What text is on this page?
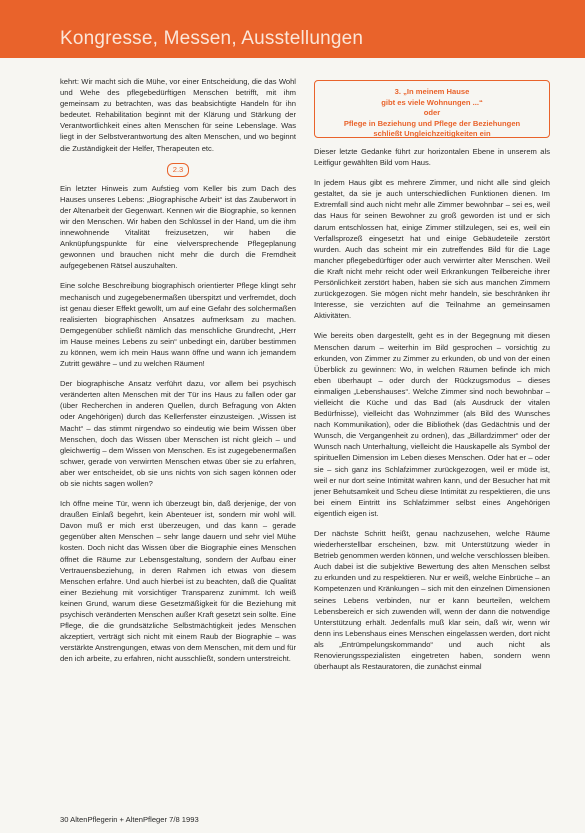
Kongresse, Messen, Ausstellungen

kehrt: Wir macht sich die Mühe, vor einer Entscheidung, die das Wohl und Wehe des pflegebedürftigen Menschen betrifft, mit ihm gemeinsam zu betrachten, was das beabsichtigte Handeln für ihn bedeutet. Rehabilitation beginnt mit der Klärung und Stärkung der Verantwortlichkeit eines alten Menschen für seine Lebenslage. Was liegt in der Selbstverantwortung des alten Menschen, und wo beginnt die Zuständigkeit der Helfer, Therapeuten etc.

2.3

Ein letzter Hinweis zum Aufstieg vom Keller bis zum Dach des Hauses unseres Lebens: „Biographische Arbeit“ ist das Zauberwort in der Altenarbeit der Gegenwart. Kennen wir die Biographie, so kennen wir den Menschen. Wir haben den Schlüssel in der Hand, um die ihm innewohnende Vitalität freizusetzen, wir haben die Anknüpfungspunkte für eine vielversprechende Pflegeplanung gewonnen und brauchen nicht mehr die durch die Fremdheit aufgegebenen Rätsel auszuhalten.

Eine solche Beschreibung biographisch orientierter Pflege klingt sehr mechanisch und zugegebenermaßen überspitzt und verfremdet, doch ist genau dieser Effekt gewollt, um auf eine Gefahr des solchermaßen realisierten biographischen Ansatzes aufmerksam zu machen. Demgegenüber schließt nämlich das menschliche Grundrecht, „Herr im Hause meines Lebens zu sein“ unbedingt ein, darüber bestimmen zu können, wem ich mein Haus wann öffne und wann ich jemandem Zutritt gewähre – und zu welchen Räumen!

Der biographische Ansatz verführt dazu, vor allem bei psychisch veränderten alten Menschen mit der Tür ins Haus zu fallen oder gar (über Recherchen in anderen Quellen, durch Befragung von Akten oder Angehörigen) durch das Kellerfenster einzusteigen. „Wissen ist Macht“ – das stimmt nirgendwo so eindeutig wie beim Wissen über Menschen, doch das Wissen über Menschen ist nicht gleich – und gleichwertig – dem Wissen von Menschen. Es ist zugegebenermaßen schwer, gerade von verwirrten Menschen etwas über sie zu erfahren, aber wer entscheidet, ob sie uns nichts von sich sagen können oder ob sie nichts sagen wollen?

Ich öffne meine Tür, wenn ich überzeugt bin, daß derjenige, der von draußen Einlaß begehrt, kein Abenteuer ist, sondern mir wohl will. Davon muß er mich erst überzeugen, und das kann – gerade gegenüber alten Menschen – sehr lange dauern und sehr viel Mühe kosten. Doch nicht das Wissen über die Biographie eines Menschen öffnet die Räume zur Lebensgestaltung, sondern der Aufbau einer Vertrauensbeziehung, in deren Rahmen ich etwas von diesem Menschen erfahre. Und auch hierbei ist zu beachten, daß die Qualität einer Beziehung mit vorsichtiger Transparenz zunimmt. Ich weiß keinen Grund, warum diese Gesetzmäßigkeit für die Beziehung mit psychisch veränderten Menschen außer Kraft gesetzt sein sollte. Eine Pflege, die die grundsätzliche Selbstmächtigkeit jedes Menschen akzeptiert, verträgt sich nicht mit einem Raub der Biographie – was verstärkte Anstrengungen, etwas von dem Menschen, mit dem und für den ich arbeite, zu erfahren, nicht ausschließt, sondern unterstreicht.

3. „In meinem Hause
gibt es viele Wohnungen ...“
oder
Pflege in Beziehung und Pflege der Beziehungen
schließt Ungleichzeitigkeiten ein

Dieser letzte Gedanke führt zur horizontalen Ebene in unserem als Leitfigur gewählten Bild vom Haus.

In jedem Haus gibt es mehrere Zimmer, und nicht alle sind gleich gestaltet, da sie je auch unterschiedlichen Funktionen dienen. Im Extremfall sind auch nicht mehr alle Zimmer bewohnbar – sei es, weil das Haus für seinen Bewohner zu groß geworden ist und er sich darum entschlossen hat, einige Zimmer stillzulegen, sei es, weil ein Verfallsprozeß eingesetzt hat und einige Gebäudeteile zerstört wurden. Auch das scheint mir ein zutreffendes Bild für die Lage mancher pflegebedürftiger oder auch verwirrter alter Menschen. Weil die Kraft nicht mehr reicht oder weil Erkrankungen Teilbereiche ihrer Persönlichkeit zerstört haben, haben sie sich aus manchen Zimmern zurückgezogen. Sie mögen nicht mehr handeln, sie beschränken ihr Interesse, sie verzichten auf die Teilnahme an gemeinsamen Aktivitäten.

Wie bereits oben dargestellt, geht es in der Begegnung mit diesen Menschen darum – weiterhin im Bild gesprochen – vorsichtig zu erkunden, von Zimmer zu Zimmer zu erkunden, ob und von der einen Überblick zu gewinnen: Wo, in welchen Räumen befinde ich mich eben überhaupt – oder durch der Rückzugsmodus – dieses einmaligen „Lebenshauses“. Welche Zimmer sind noch bewohnbar – vielleicht die Küche und das Bad (als Ausdruck der vitalen Bedürfnisse), vielleicht das Wohnzimmer (als Bild des Wunsches nach Kommunikation), oder die Bibliothek (das Gedächtnis und der Wunsch, die Vergangenheit zu ordnen), das „Billardzimmer“ oder der Wunsch nach Unterhaltung, vielleicht die Hauskapelle als Symbol der spirituellen Dimension im Leben dieses Menschen. Oder hat er – oder sie – sich ganz ins Schlafzimmer zurückgezogen, weil er müde ist, weil er nur dort seine Intimität wahren kann, und der Besucher hat mit jener Behutsamkeit und Scheu diese Intimität zu respektieren, die uns bei einem Eintritt ins Schlafzimmer selbst eines Angehörigen eigentlich eigen ist.

Der nächste Schritt heißt, genau nachzusehen, welche Räume wiederherstellbar erscheinen, bzw. mit Unterstützung wieder in Betrieb genommen werden können, und welche verschlossen bleiben. Auch dabei ist die subjektive Bewertung des alten Menschen selbst zu erkunden und zu respektieren. Nur er weiß, welche Einbrüche – an Kompetenzen und Kränkungen – sich mit den einzelnen Dimensionen seines Lebens verbinden, nur er kann beurteilen, welchem Lebensbereich er sich zuwenden will, wenn der dann die notwendige Unterstützung erhält. Jedenfalls muß klar sein, daß wir, wenn wir denn ins Lebenshaus eines Menschen eingelassen werden, dort nicht als „Entrümpelungskommando“ und auch nicht als Renovierungsspezialisten eingetreten haben, sondern wenn überhaupt als Restauratoren, die zunächst einmal

30 AltenPflegerin + AltenPfleger 7/8 1993
